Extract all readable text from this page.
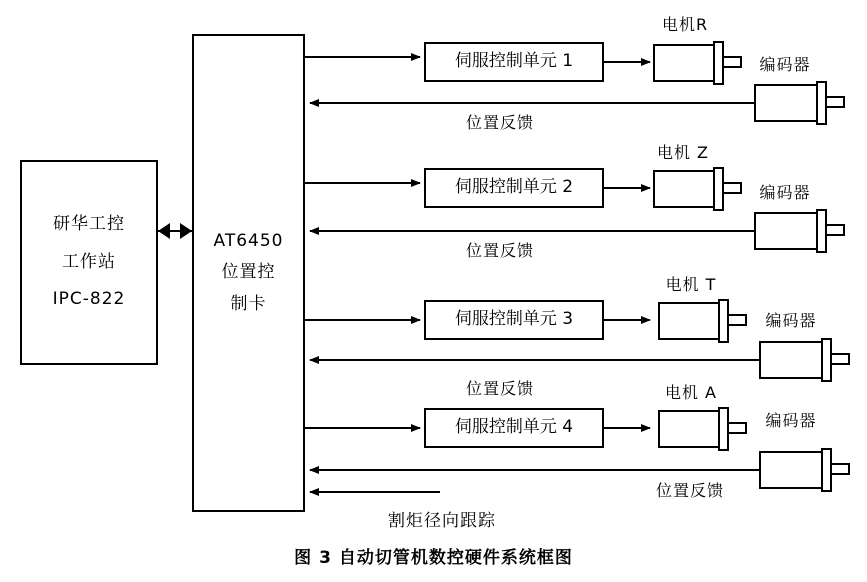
研华工控
工作站
IPC-822
AT6450
位置控
制卡
伺服控制单元 1
伺服控制单元 2
伺服控制单元 3
伺服控制单元 4
电机R
电机 Z
电机 T
电机 A
编码器
编码器
编码器
编码器
位置反馈
位置反馈
位置反馈
位置反馈
割炬径向跟踪
图 3 自动切管机数控硬件系统框图
